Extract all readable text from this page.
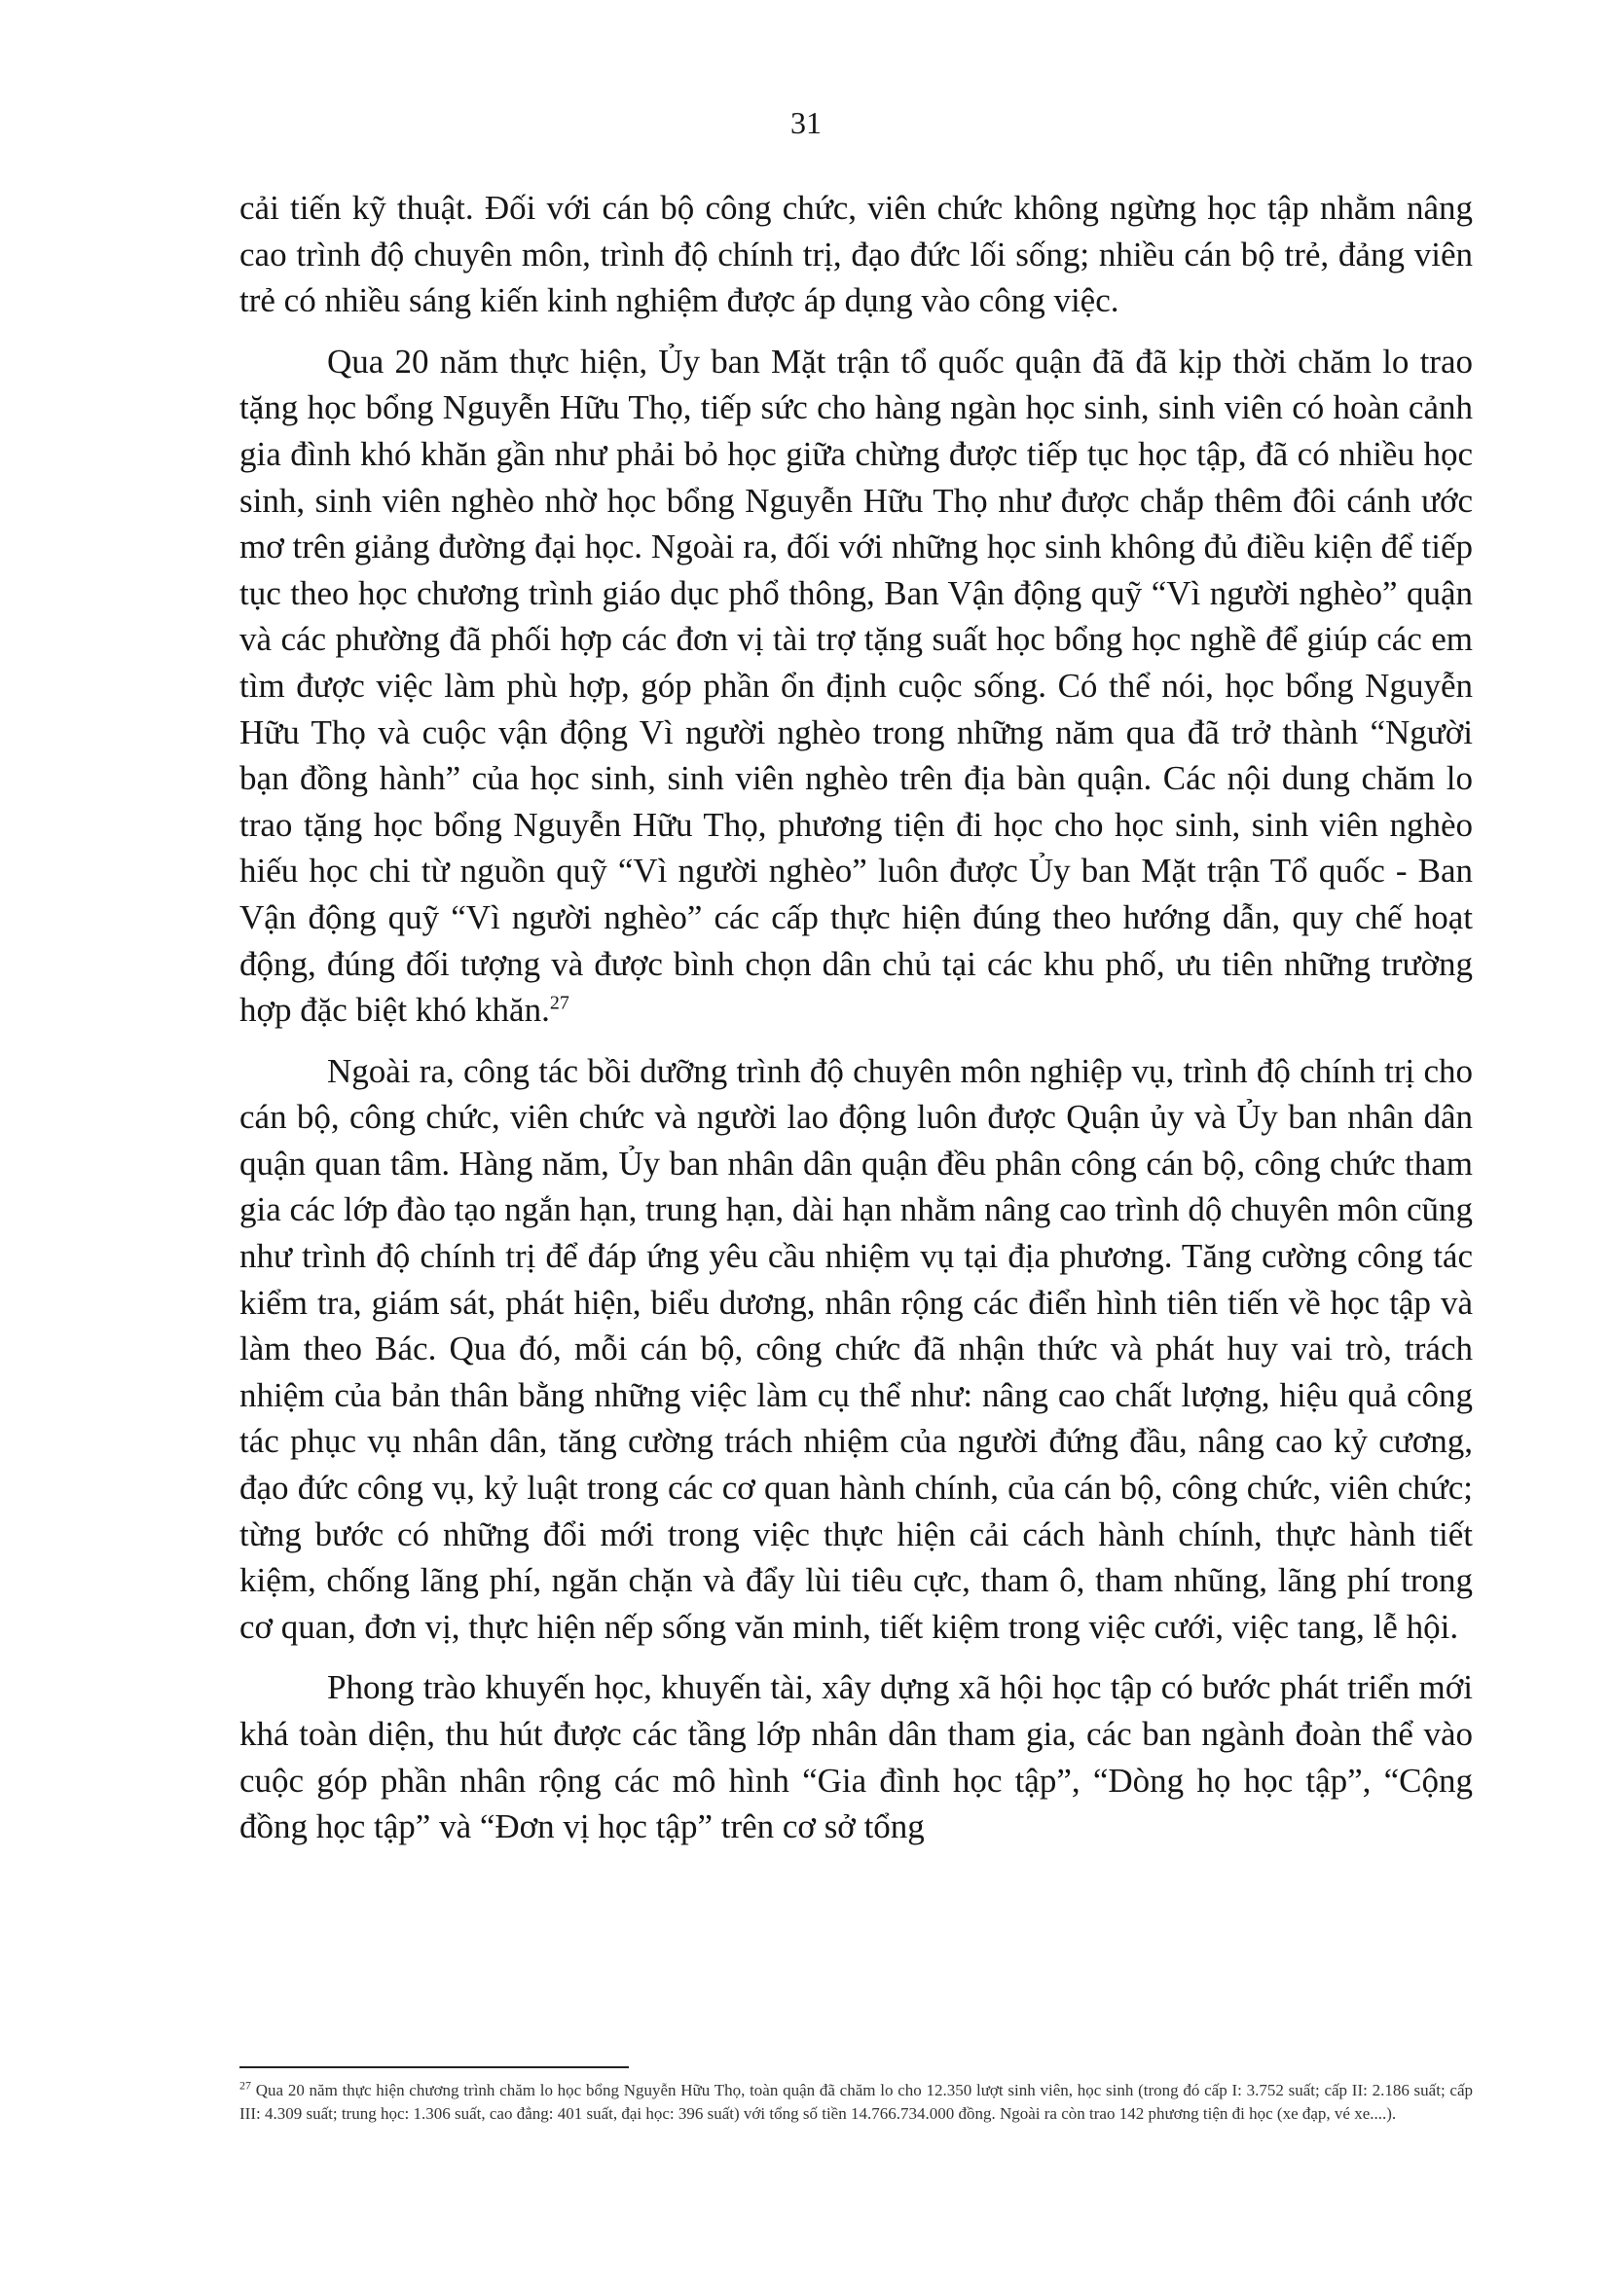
31

cải tiến kỹ thuật. Đối với cán bộ công chức, viên chức không ngừng học tập nhằm nâng cao trình độ chuyên môn, trình độ chính trị, đạo đức lối sống; nhiều cán bộ trẻ, đảng viên trẻ có nhiều sáng kiến kinh nghiệm được áp dụng vào công việc.

Qua 20 năm thực hiện, Ủy ban Mặt trận tổ quốc quận đã đã kịp thời chăm lo trao tặng học bổng Nguyễn Hữu Thọ, tiếp sức cho hàng ngàn học sinh, sinh viên có hoàn cảnh gia đình khó khăn gần như phải bỏ học giữa chừng được tiếp tục học tập, đã có nhiều học sinh, sinh viên nghèo nhờ học bổng Nguyễn Hữu Thọ như được chắp thêm đôi cánh ước mơ trên giảng đường đại học. Ngoài ra, đối với những học sinh không đủ điều kiện để tiếp tục theo học chương trình giáo dục phổ thông, Ban Vận động quỹ “Vì người nghèo” quận và các phường đã phối hợp các đơn vị tài trợ tặng suất học bổng học nghề để giúp các em tìm được việc làm phù hợp, góp phần ổn định cuộc sống. Có thể nói, học bổng Nguyễn Hữu Thọ và cuộc vận động Vì người nghèo trong những năm qua đã trở thành “Người bạn đồng hành” của học sinh, sinh viên nghèo trên địa bàn quận. Các nội dung chăm lo trao tặng học bổng Nguyễn Hữu Thọ, phương tiện đi học cho học sinh, sinh viên nghèo hiếu học chi từ nguồn quỹ “Vì người nghèo” luôn được Ủy ban Mặt trận Tổ quốc - Ban Vận động quỹ “Vì người nghèo” các cấp thực hiện đúng theo hướng dẫn, quy chế hoạt động, đúng đối tượng và được bình chọn dân chủ tại các khu phố, ưu tiên những trường hợp đặc biệt khó khăn.$^{27}$

Ngoài ra, công tác bồi dưỡng trình độ chuyên môn nghiệp vụ, trình độ chính trị cho cán bộ, công chức, viên chức và người lao động luôn được Quận ủy và Ủy ban nhân dân quận quan tâm. Hàng năm, Ủy ban nhân dân quận đều phân công cán bộ, công chức tham gia các lớp đào tạo ngắn hạn, trung hạn, dài hạn nhằm nâng cao trình dộ chuyên môn cũng như trình độ chính trị để đáp ứng yêu cầu nhiệm vụ tại địa phương. Tăng cường công tác kiểm tra, giám sát, phát hiện, biểu dương, nhân rộng các điển hình tiên tiến về học tập và làm theo Bác. Qua đó, mỗi cán bộ, công chức đã nhận thức và phát huy vai trò, trách nhiệm của bản thân bằng những việc làm cụ thể như: nâng cao chất lượng, hiệu quả công tác phục vụ nhân dân, tăng cường trách nhiệm của người đứng đầu, nâng cao kỷ cương, đạo đức công vụ, kỷ luật trong các cơ quan hành chính, của cán bộ, công chức, viên chức; từng bước có những đổi mới trong việc thực hiện cải cách hành chính, thực hành tiết kiệm, chống lãng phí, ngăn chặn và đẩy lùi tiêu cực, tham ô, tham nhũng, lãng phí trong cơ quan, đơn vị, thực hiện nếp sống văn minh, tiết kiệm trong việc cưới, việc tang, lễ hội.

Phong trào khuyến học, khuyến tài, xây dựng xã hội học tập có bước phát triển mới khá toàn diện, thu hút được các tầng lớp nhân dân tham gia, các ban ngành đoàn thể vào cuộc góp phần nhân rộng các mô hình “Gia đình học tập”, “Dòng họ học tập”, “Cộng đồng học tập” và “Đơn vị học tập” trên cơ sở tổng

$^{27}$ Qua 20 năm thực hiện chương trình chăm lo học bổng Nguyễn Hữu Thọ, toàn quận đã chăm lo cho 12.350 lượt sinh viên, học sinh (trong đó cấp I: 3.752 suất; cấp II: 2.186 suất; cấp III: 4.309 suất; trung học: 1.306 suất, cao đẳng: 401 suất, đại học: 396 suất) với tổng số tiền 14.766.734.000 đồng. Ngoài ra còn trao 142 phương tiện đi học (xe đạp, vé xe....).
